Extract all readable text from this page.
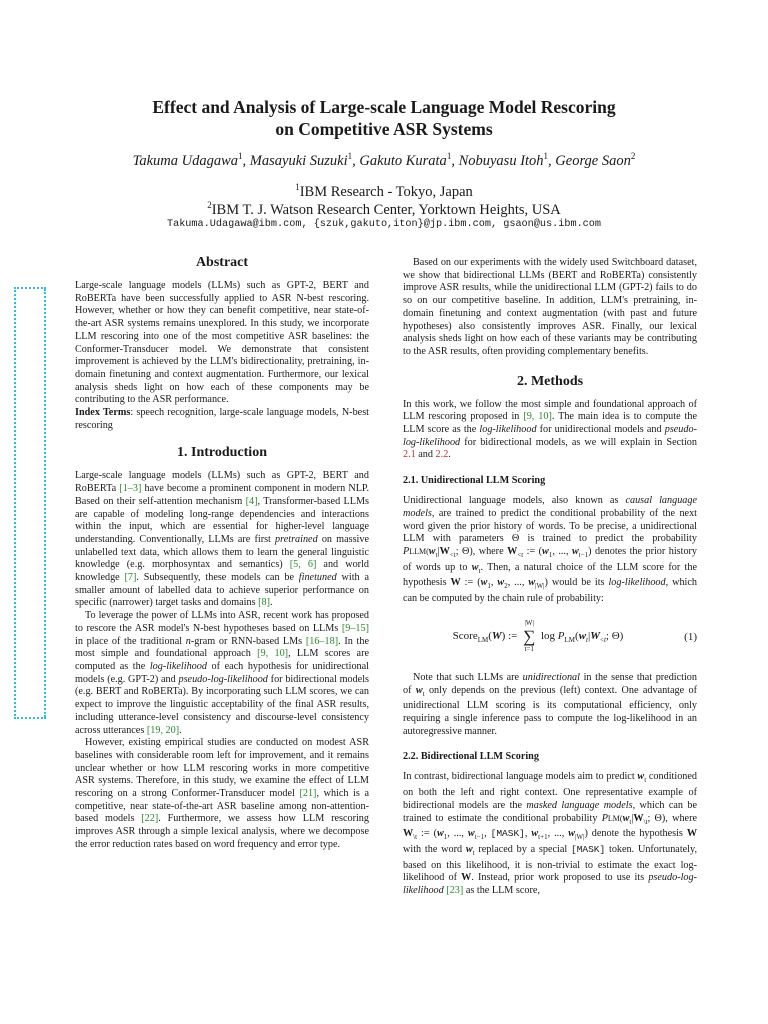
Effect and Analysis of Large-scale Language Model Rescoring
on Competitive ASR Systems
Takuma Udagawa$^1$, Masayuki Suzuki$^1$, Gakuto Kurata$^1$, Nobuyasu Itoh$^1$, George Saon$^2$
$^1$IBM Research - Tokyo, Japan
$^2$IBM T. J. Watson Research Center, Yorktown Heights, USA
Takuma.Udagawa@ibm.com, {szuk,gakuto,iton}@jp.ibm.com, gsaon@us.ibm.com

Abstract

Large-scale language models (LLMs) such as GPT-2, BERT and RoBERTa have been successfully applied to ASR N-best rescoring. However, whether or how they can benefit competitive, near state-of-the-art ASR systems remains unexplored. In this study, we incorporate LLM rescoring into one of the most competitive ASR baselines: the Conformer-Transducer model. We demonstrate that consistent improvement is achieved by the LLM's bidirectionality, pretraining, in-domain finetuning and context augmentation. Furthermore, our lexical analysis sheds light on how each of these components may be contributing to the ASR performance.

Index Terms: speech recognition, large-scale language models, N-best rescoring

1. Introduction

Large-scale language models (LLMs) such as GPT-2, BERT and RoBERTa [1–3] have become a prominent component in modern NLP. Based on their self-attention mechanism [4], Transformer-based LLMs are capable of modeling long-range dependencies and interactions within the input, which are essential for higher-level language understanding. Conventionally, LLMs are first pretrained on massive unlabelled text data, which allows them to learn the general linguistic knowledge (e.g. morphosyntax and semantics) [5, 6] and world knowledge [7]. Subsequently, these models can be finetuned with a smaller amount of labelled data to achieve superior performance on specific (narrower) target tasks and domains [8].

To leverage the power of LLMs into ASR, recent work has proposed to rescore the ASR model's N-best hypotheses based on LLMs [9–15] in place of the traditional n-gram or RNN-based LMs [16–18]. In the most simple and foundational approach [9, 10], LLM scores are computed as the log-likelihood of each hypothesis for unidirectional models (e.g. GPT-2) and pseudo-log-likelihood for bidirectional models (e.g. BERT and RoBERTa). By incorporating such LLM scores, we can expect to improve the linguistic acceptability of the final ASR results, including utterance-level consistency and discourse-level consistency across utterances [19, 20].

However, existing empirical studies are conducted on modest ASR baselines with considerable room left for improvement, and it remains unclear whether or how LLM rescoring works in more competitive ASR systems. Therefore, in this study, we examine the effect of LLM rescoring on a strong Conformer-Transducer model [21], which is a competitive, near state-of-the-art ASR baseline among non-attention-based models [22]. Furthermore, we assess how LLM rescoring improves ASR through a simple lexical analysis, where we decompose the error reduction rates based on word frequency and error type.

Based on our experiments with the widely used Switchboard dataset, we show that bidirectional LLMs (BERT and RoBERTa) consistently improve ASR results, while the unidirectional LLM (GPT-2) fails to do so on our competitive baseline. In addition, LLM's pretraining, in-domain finetuning and context augmentation (with past and future hypotheses) also consistently improves ASR. Finally, our lexical analysis sheds light on how each of these variants may be contributing to the ASR results, often providing complementary benefits.

2. Methods

In this work, we follow the most simple and foundational approach of LLM rescoring proposed in [9, 10]. The main idea is to compute the LLM score as the log-likelihood for unidirectional models and pseudo-log-likelihood for bidirectional models, as we will explain in Section 2.1 and 2.2.

2.1. Unidirectional LLM Scoring

Unidirectional language models, also known as causal language models, are trained to predict the conditional probability of the next word given the prior history of words. To be precise, a unidirectional LLM with parameters Θ is trained to predict the probability $PLLM(w_t|W_{<t}$; Θ), where $W_{<t}$ := ($w_1$, ..., $w_{t-1}$) denotes the prior history of words up to $w_t$. Then, a natural choice of the LLM score for the hypothesis W := ($w_1$, $w_2$, ..., $w_{|W|}$) would be its log-likelihood, which can be computed by the chain rule of probability:

Score$_{LM}$(W) :=
|W|
∑
t=1
$\log P_{LM}(w_t|W_{<t}$; Θ)	(1)

Note that such LLMs are unidirectional in the sense that prediction of $w_t$ only depends on the previous (left) context. One advantage of unidirectional LLM scoring is its computational efficiency, only requiring a single inference pass to compute the log-likelihood in an autoregressive manner.

2.2. Bidirectional LLM Scoring

In contrast, bidirectional language models aim to predict $w_t$ conditioned on both the left and right context. One representative example of bidirectional models are the masked language models, which can be trained to estimate the conditional probability $PLM(w_t|W_{\backslash t}$; Θ), where $W_{\backslash t}$ := ($w_1$, ..., $w_{t-1}$, [MASK], $w_{t+1}$, ..., $w_{|W|}$) denote the hypothesis W with the word $w_t$ replaced by a special [MASK] token. Unfortunately, based on this likelihood, it is non-trivial to estimate the exact log-likelihood of W. Instead, prior work proposed to use its pseudo-log-likelihood [23] as the LLM score,
